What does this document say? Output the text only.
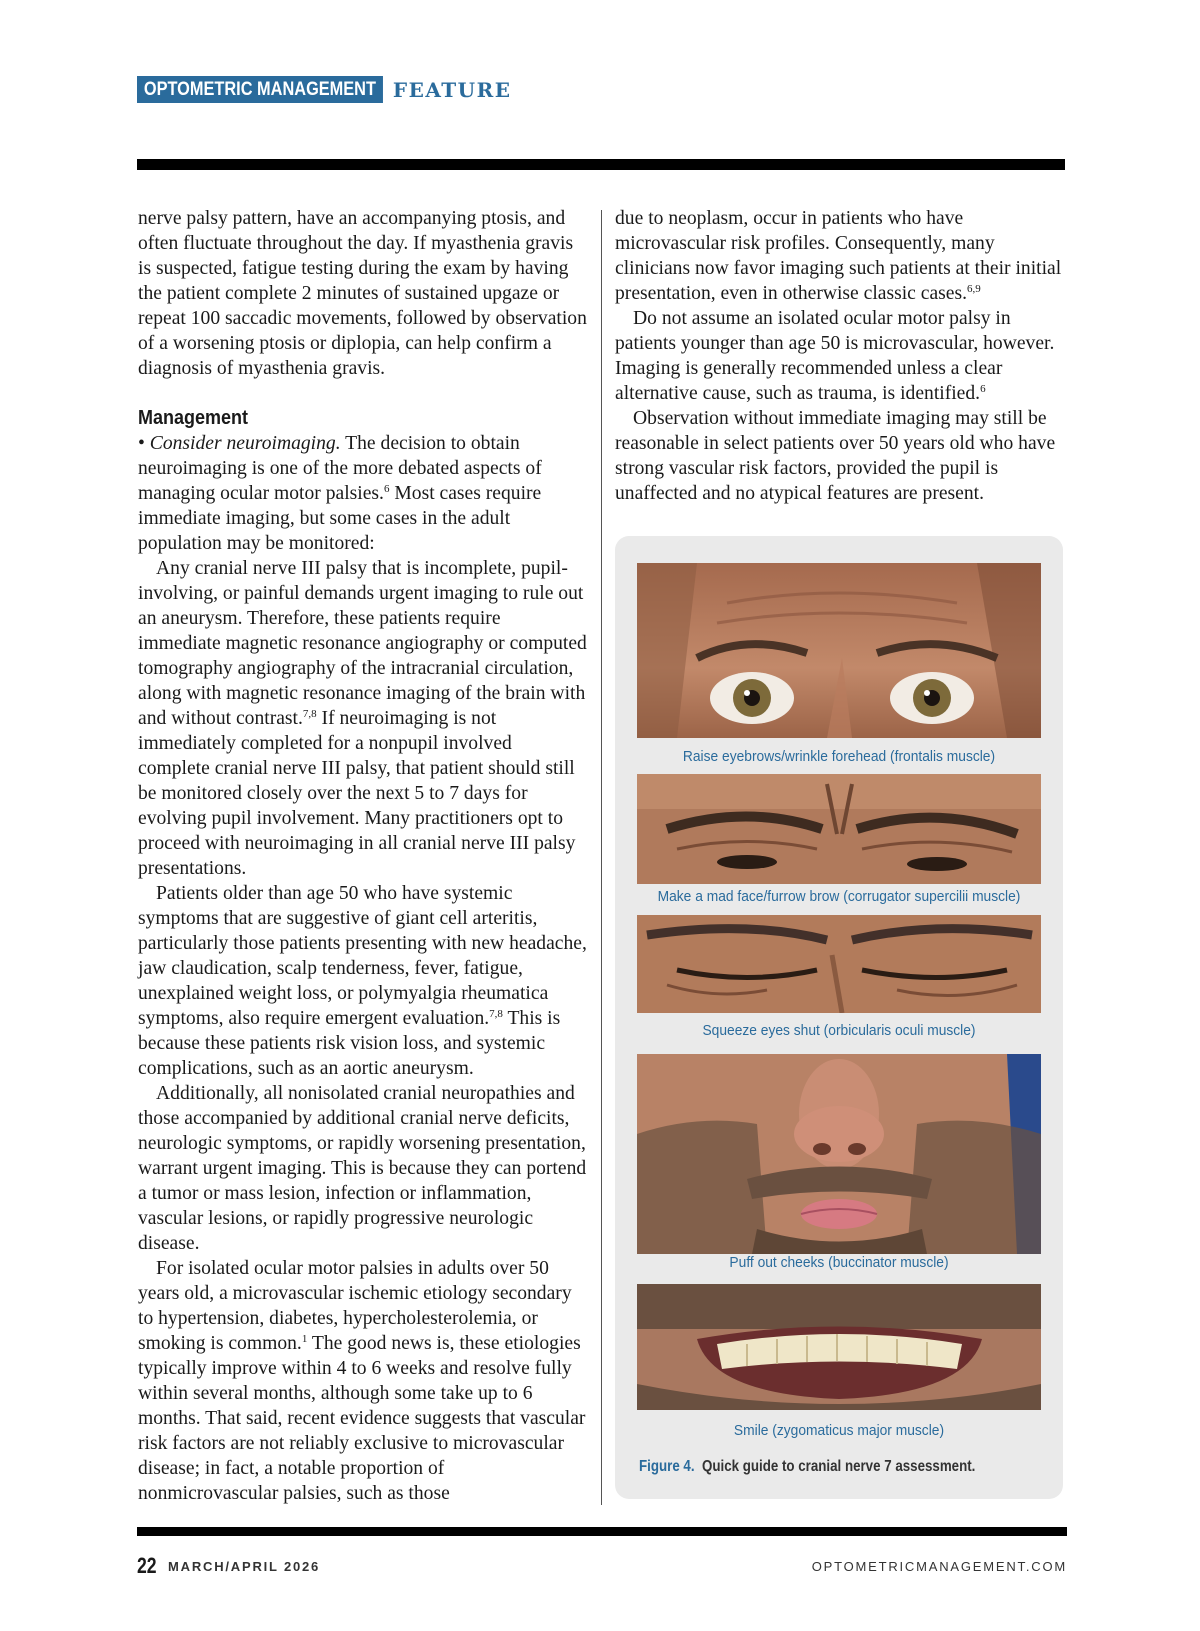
OPTOMETRIC MANAGEMENT FEATURE

nerve palsy pattern, have an accompanying ptosis, and often fluctuate throughout the day. If myasthenia gravis is suspected, fatigue testing during the exam by having the patient complete 2 minutes of sustained upgaze or repeat 100 saccadic movements, followed by observation of a worsening ptosis or diplopia, can help confirm a diagnosis of myasthenia gravis.

Management

• Consider neuroimaging. The decision to obtain neuroimaging is one of the more debated aspects of managing ocular motor palsies.$^6$ Most cases require immediate imaging, but some cases in the adult population may be monitored:

Any cranial nerve III palsy that is incomplete, pupil-involving, or painful demands urgent imaging to rule out an aneurysm. Therefore, these patients require immediate magnetic resonance angiography or computed tomography angiography of the intracranial circulation, along with magnetic resonance imaging of the brain with and without contrast.$^{7,8}$ If neuroimaging is not immediately completed for a nonpupil involved complete cranial nerve III palsy, that patient should still be monitored closely over the next 5 to 7 days for evolving pupil involvement. Many practitioners opt to proceed with neuroimaging in all cranial nerve III palsy presentations.

Patients older than age 50 who have systemic symptoms that are suggestive of giant cell arteritis, particularly those patients presenting with new headache, jaw claudication, scalp tenderness, fever, fatigue, unexplained weight loss, or polymyalgia rheumatica symptoms, also require emergent evaluation.$^{7,8}$ This is because these patients risk vision loss, and systemic complications, such as an aortic aneurysm.

Additionally, all nonisolated cranial neuropathies and those accompanied by additional cranial nerve deficits, neurologic symptoms, or rapidly worsening presentation, warrant urgent imaging. This is because they can portend a tumor or mass lesion, infection or inflammation, vascular lesions, or rapidly progressive neurologic disease.

For isolated ocular motor palsies in adults over 50 years old, a microvascular ischemic etiology secondary to hypertension, diabetes, hypercholesterolemia, or smoking is common.$^1$ The good news is, these etiologies typically improve within 4 to 6 weeks and resolve fully within several months, although some take up to 6 months. That said, recent evidence suggests that vascular risk factors are not reliably exclusive to microvascular disease; in fact, a notable proportion of nonmicrovascular palsies, such as those

due to neoplasm, occur in patients who have microvascular risk profiles. Consequently, many clinicians now favor imaging such patients at their initial presentation, even in otherwise classic cases.$^{6,9}$

Do not assume an isolated ocular motor palsy in patients younger than age 50 is microvascular, however. Imaging is generally recommended unless a clear alternative cause, such as trauma, is identified.$^6$

Observation without immediate imaging may still be reasonable in select patients over 50 years old who have strong vascular risk factors, provided the pupil is unaffected and no atypical features are present.

Raise eyebrows/wrinkle forehead (frontalis muscle)
Make a mad face/furrow brow (corrugator supercilii muscle)
Squeeze eyes shut (orbicularis oculi muscle)
Puff out cheeks (buccinator muscle)
Smile (zygomaticus major muscle)
Figure 4. Quick guide to cranial nerve 7 assessment.
22 MARCH/APRIL 2026	OPTOMETRICMANAGEMENT.COM
